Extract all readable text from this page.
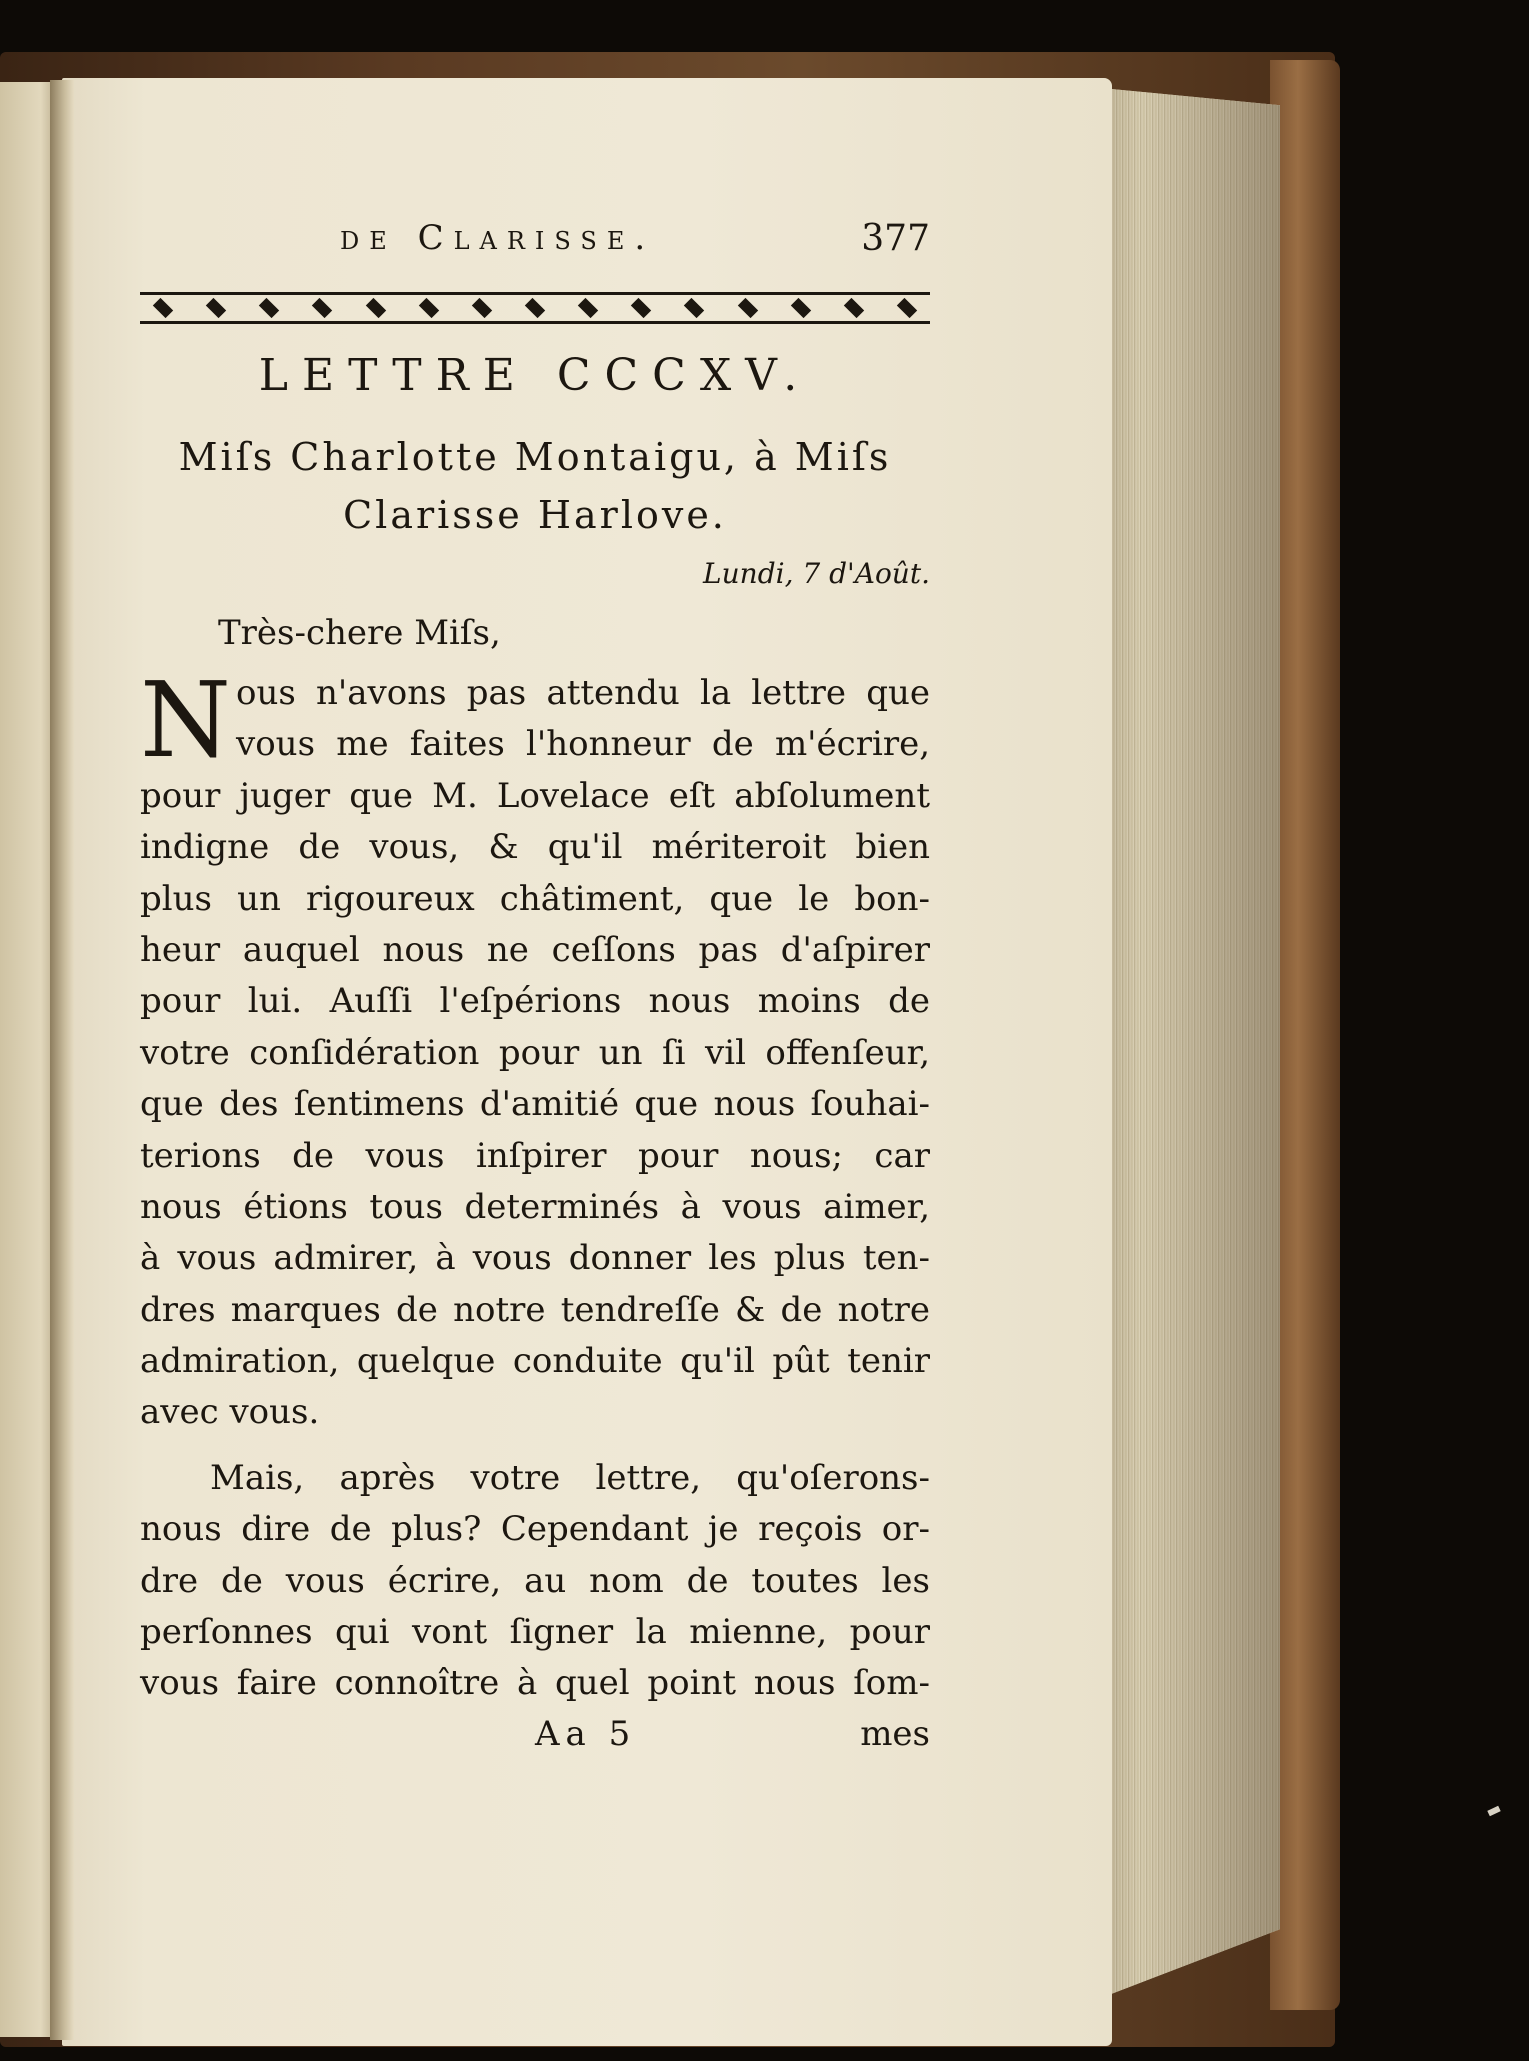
de Clarisse.	377
LETTRE CCCXV.
Miſs Charlotte Montaigu, à Miſs
Clarisse Harlove.
Lundi, 7 d'Août.
Très-chere Miſs,
N ous n'avons pas attendu la lettre que
vous me faites l'honneur de m'écrire,
pour juger que M. Lovelace eſt abſolument
indigne de vous, & qu'il mériteroit bien
plus un rigoureux châtiment, que le bon-
heur auquel nous ne ceſſons pas d'aſpirer
pour lui. Auſſi l'eſpérions nous moins de
votre conſidération pour un ſi vil offenſeur,
que des ſentimens d'amitié que nous ſouhai-
terions de vous inſpirer pour nous; car
nous étions tous determinés à vous aimer,
à vous admirer, à vous donner les plus ten-
dres marques de notre tendreſſe & de notre
admiration, quelque conduite qu'il pût tenir
avec vous.
Mais, après votre lettre, qu'oſerons-
nous dire de plus? Cependant je reçois or-
dre de vous écrire, au nom de toutes les
perſonnes qui vont ſigner la mienne, pour
vous faire connoître à quel point nous ſom-
Aa 5	mes
